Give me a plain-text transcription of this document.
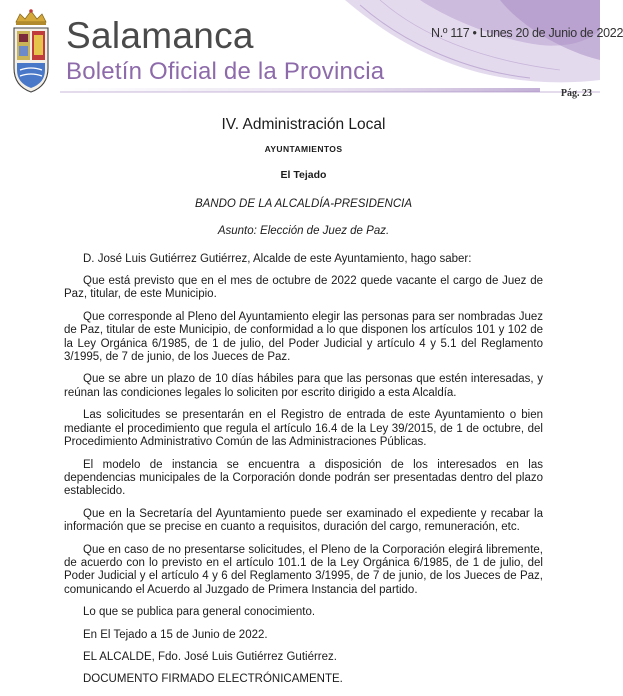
Salamanca
Boletín Oficial de la Provincia
N.º 117 • Lunes 20 de Junio de 2022
Pág. 23
IV. Administración Local
AYUNTAMIENTOS
El Tejado
BANDO DE LA ALCALDÍA-PRESIDENCIA
Asunto: Elección de Juez de Paz.

D. José Luis Gutiérrez Gutiérrez, Alcalde de este Ayuntamiento, hago saber:

Que está previsto que en el mes de octubre de 2022 quede vacante el cargo de Juez de Paz, titular, de este Municipio.

Que corresponde al Pleno del Ayuntamiento elegir las personas para ser nombradas Juez de Paz, titular de este Municipio, de conformidad a lo que disponen los artículos 101 y 102 de la Ley Orgánica 6/1985, de 1 de julio, del Poder Judicial y artículo 4 y 5.1 del Reglamento 3/1995, de 7 de junio, de los Jueces de Paz.

Que se abre un plazo de 10 días hábiles para que las personas que estén interesadas, y reúnan las condiciones legales lo soliciten por escrito dirigido a esta Alcaldía.

Las solicitudes se presentarán en el Registro de entrada de este Ayuntamiento o bien mediante el procedimiento que regula el artículo 16.4 de la Ley 39/2015, de 1 de octubre, del Procedimiento Administrativo Común de las Administraciones Públicas.

El modelo de instancia se encuentra a disposición de los interesados en las dependencias municipales de la Corporación donde podrán ser presentadas dentro del plazo establecido.

Que en la Secretaría del Ayuntamiento puede ser examinado el expediente y recabar la información que se precise en cuanto a requisitos, duración del cargo, remuneración, etc.

Que en caso de no presentarse solicitudes, el Pleno de la Corporación elegirá libremente, de acuerdo con lo previsto en el artículo 101.1 de la Ley Orgánica 6/1985, de 1 de julio, del Poder Judicial y el artículo 4 y 6 del Reglamento 3/1995, de 7 de junio, de los Jueces de Paz, comunicando el Acuerdo al Juzgado de Primera Instancia del partido.

Lo que se publica para general conocimiento.

En El Tejado a 15 de Junio de 2022.

EL ALCALDE, Fdo. José Luis Gutiérrez Gutiérrez.

DOCUMENTO FIRMADO ELECTRÓNICAMENTE.
